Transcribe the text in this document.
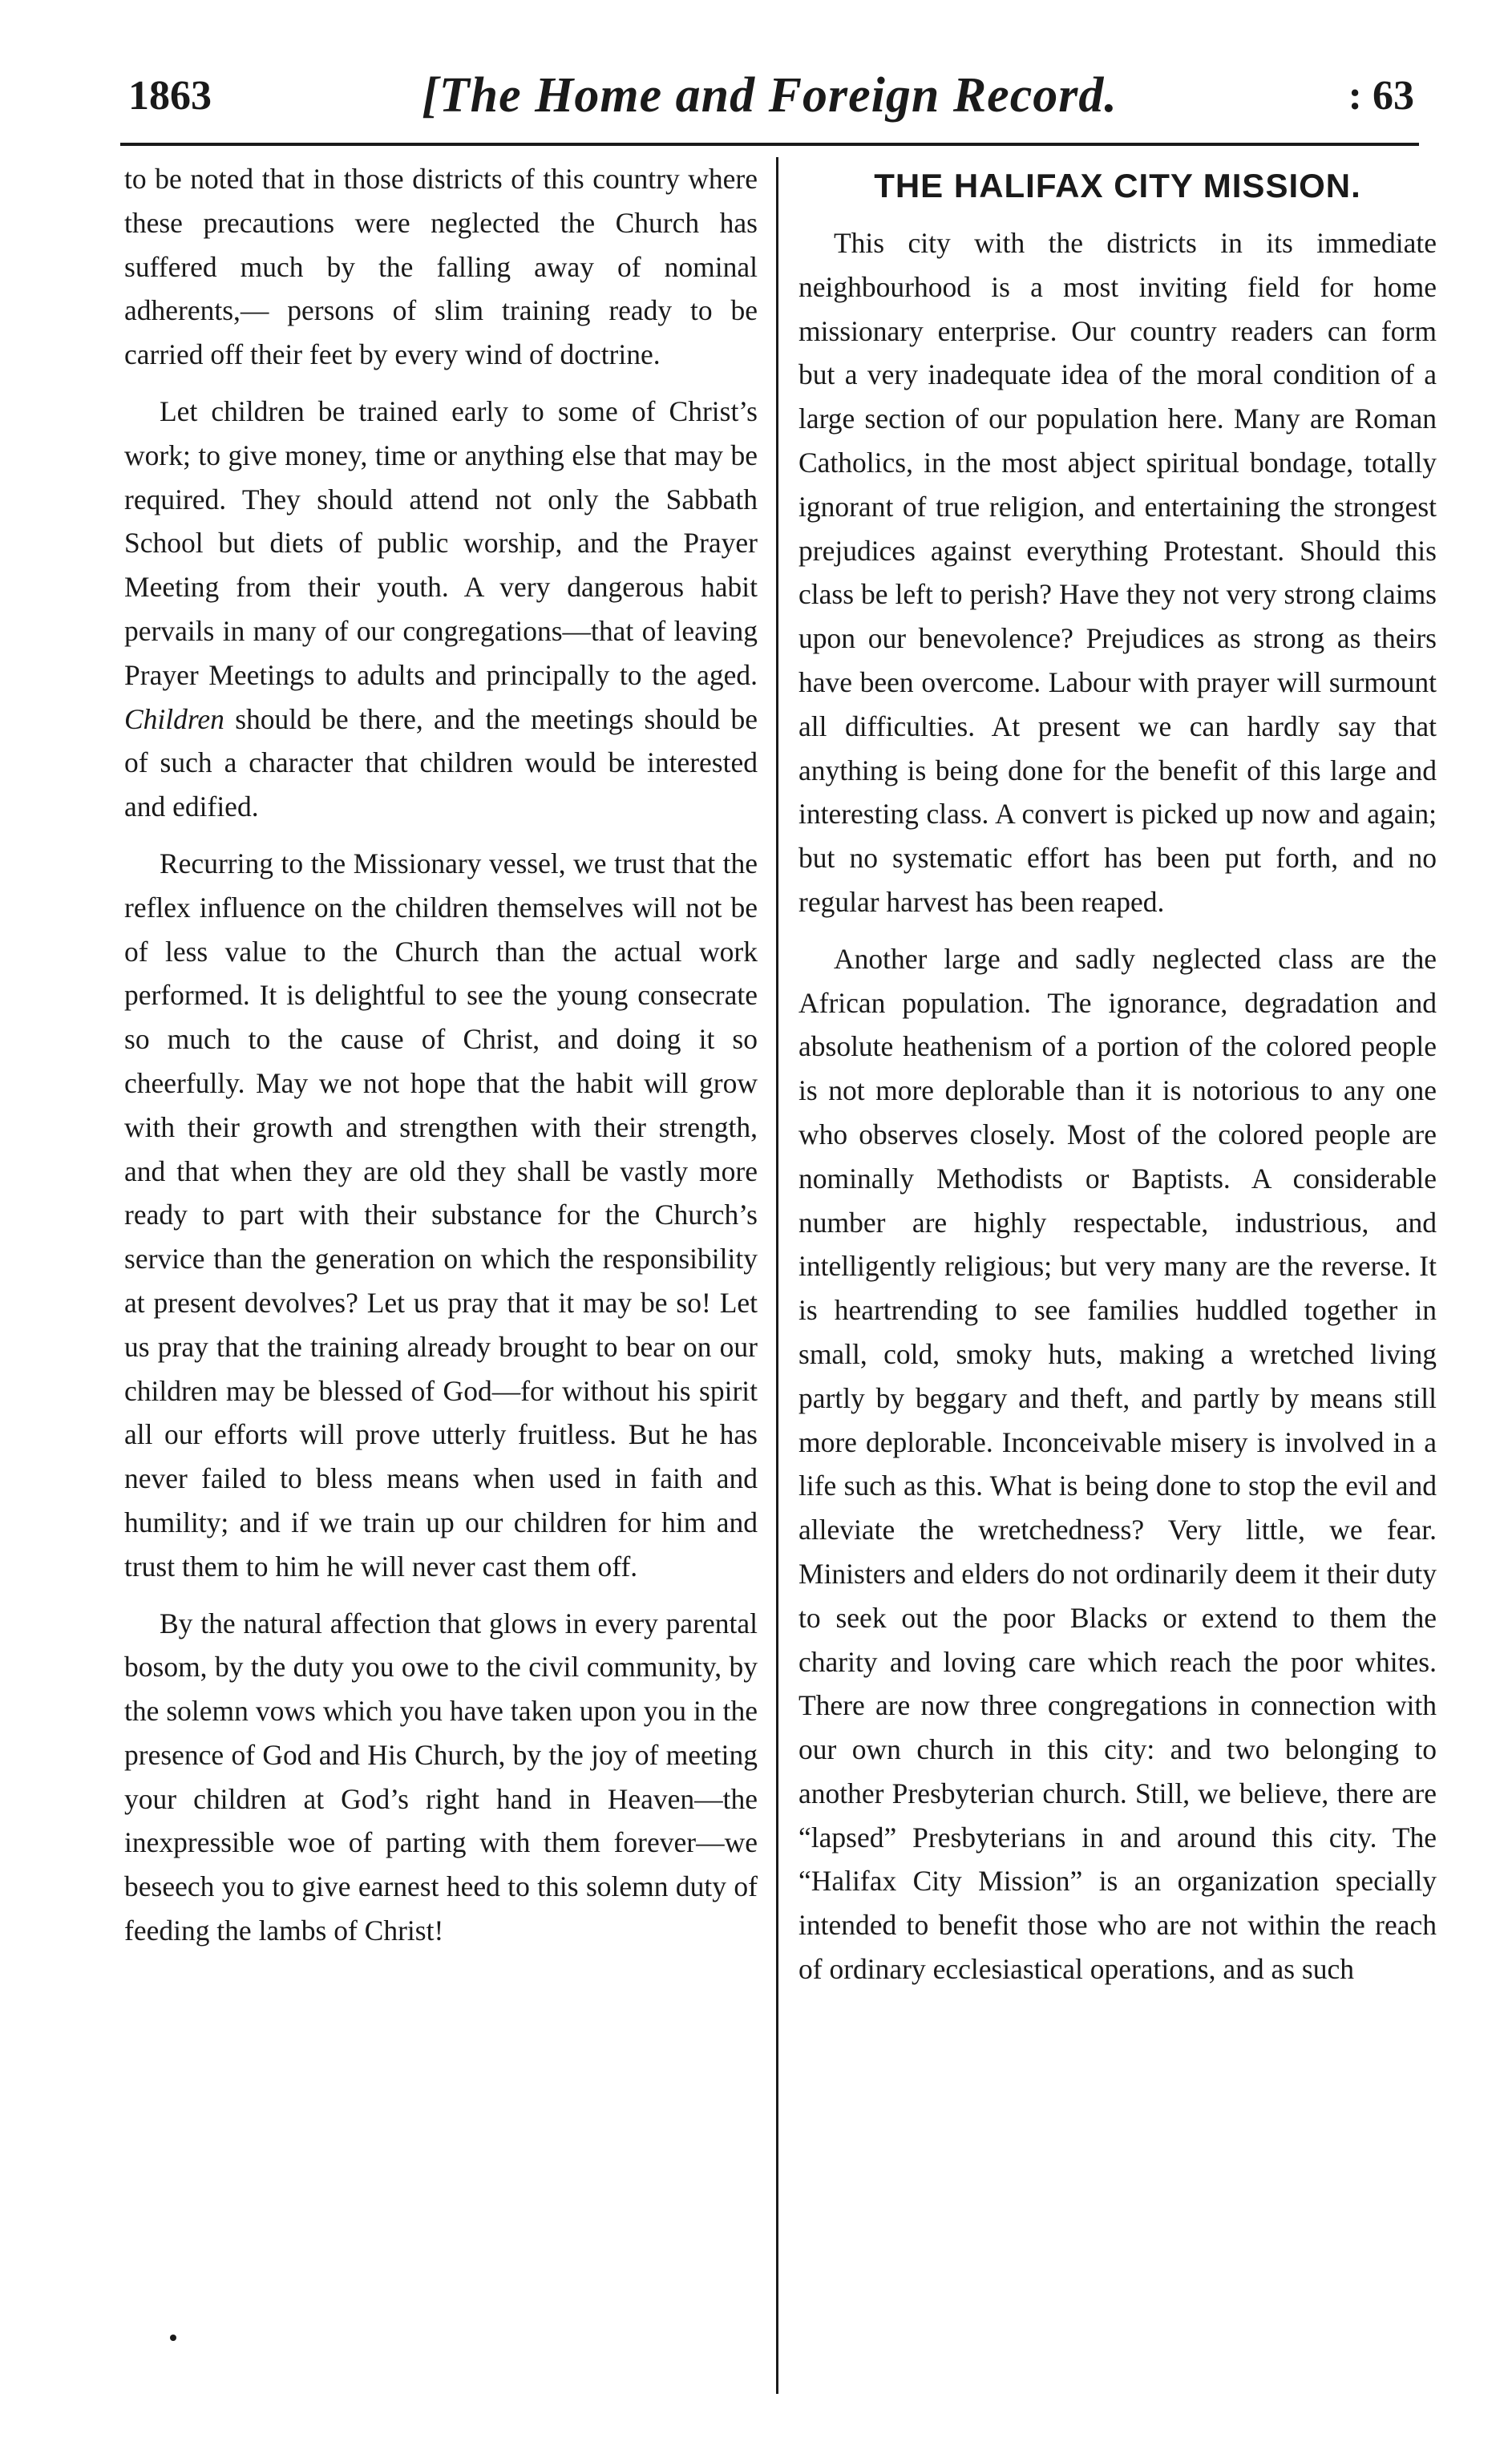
1863	[The Home and Foreign Record.	: 63

to be noted that in those districts of this country where these precautions were neglected the Church has suffered much by the falling away of nominal adherents,— persons of slim training ready to be carried off their feet by every wind of doctrine.

Let children be trained early to some of Christ’s work; to give money, time or anything else that may be required. They should attend not only the Sabbath School but diets of public worship, and the Prayer Meeting from their youth. A very dangerous habit pervails in many of our congregations—that of leaving Prayer Meetings to adults and principally to the aged. Children should be there, and the meetings should be of such a character that children would be interested and edified.

Recurring to the Missionary vessel, we trust that the reflex influence on the children themselves will not be of less value to the Church than the actual work performed. It is delightful to see the young consecrate so much to the cause of Christ, and doing it so cheerfully. May we not hope that the habit will grow with their growth and strengthen with their strength, and that when they are old they shall be vastly more ready to part with their substance for the Church’s service than the generation on which the responsibility at present devolves? Let us pray that it may be so! Let us pray that the training already brought to bear on our children may be blessed of God—for without his spirit all our efforts will prove utterly fruitless. But he has never failed to bless means when used in faith and humility; and if we train up our children for him and trust them to him he will never cast them off.

By the natural affection that glows in every parental bosom, by the duty you owe to the civil community, by the solemn vows which you have taken upon you in the presence of God and His Church, by the joy of meeting your children at God’s right hand in Heaven—the inexpressible woe of parting with them forever—we beseech you to give earnest heed to this solemn duty of feeding the lambs of Christ!

THE HALIFAX CITY MISSION.

This city with the districts in its immediate neighbourhood is a most inviting field for home missionary enterprise. Our country readers can form but a very inadequate idea of the moral condition of a large section of our population here. Many are Roman Catholics, in the most abject spiritual bondage, totally ignorant of true religion, and entertaining the strongest prejudices against everything Protestant. Should this class be left to perish? Have they not very strong claims upon our benevolence? Prejudices as strong as theirs have been overcome. Labour with prayer will surmount all difficulties. At present we can hardly say that anything is being done for the benefit of this large and interesting class. A convert is picked up now and again; but no systematic effort has been put forth, and no regular harvest has been reaped.

Another large and sadly neglected class are the African population. The ignorance, degradation and absolute heathenism of a portion of the colored people is not more deplorable than it is notorious to any one who observes closely. Most of the colored people are nominally Methodists or Baptists. A considerable number are highly respectable, industrious, and intelligently religious; but very many are the reverse. It is heartrending to see families huddled together in small, cold, smoky huts, making a wretched living partly by beggary and theft, and partly by means still more deplorable. Inconceivable misery is involved in a life such as this. What is being done to stop the evil and alleviate the wretchedness? Very little, we fear. Ministers and elders do not ordinarily deem it their duty to seek out the poor Blacks or extend to them the charity and loving care which reach the poor whites. There are now three congregations in connection with our own church in this city: and two belonging to another Presbyterian church. Still, we believe, there are “lapsed” Presbyterians in and around this city. The “Halifax City Mission” is an organization specially intended to benefit those who are not within the reach of ordinary ecclesiastical operations, and as such
